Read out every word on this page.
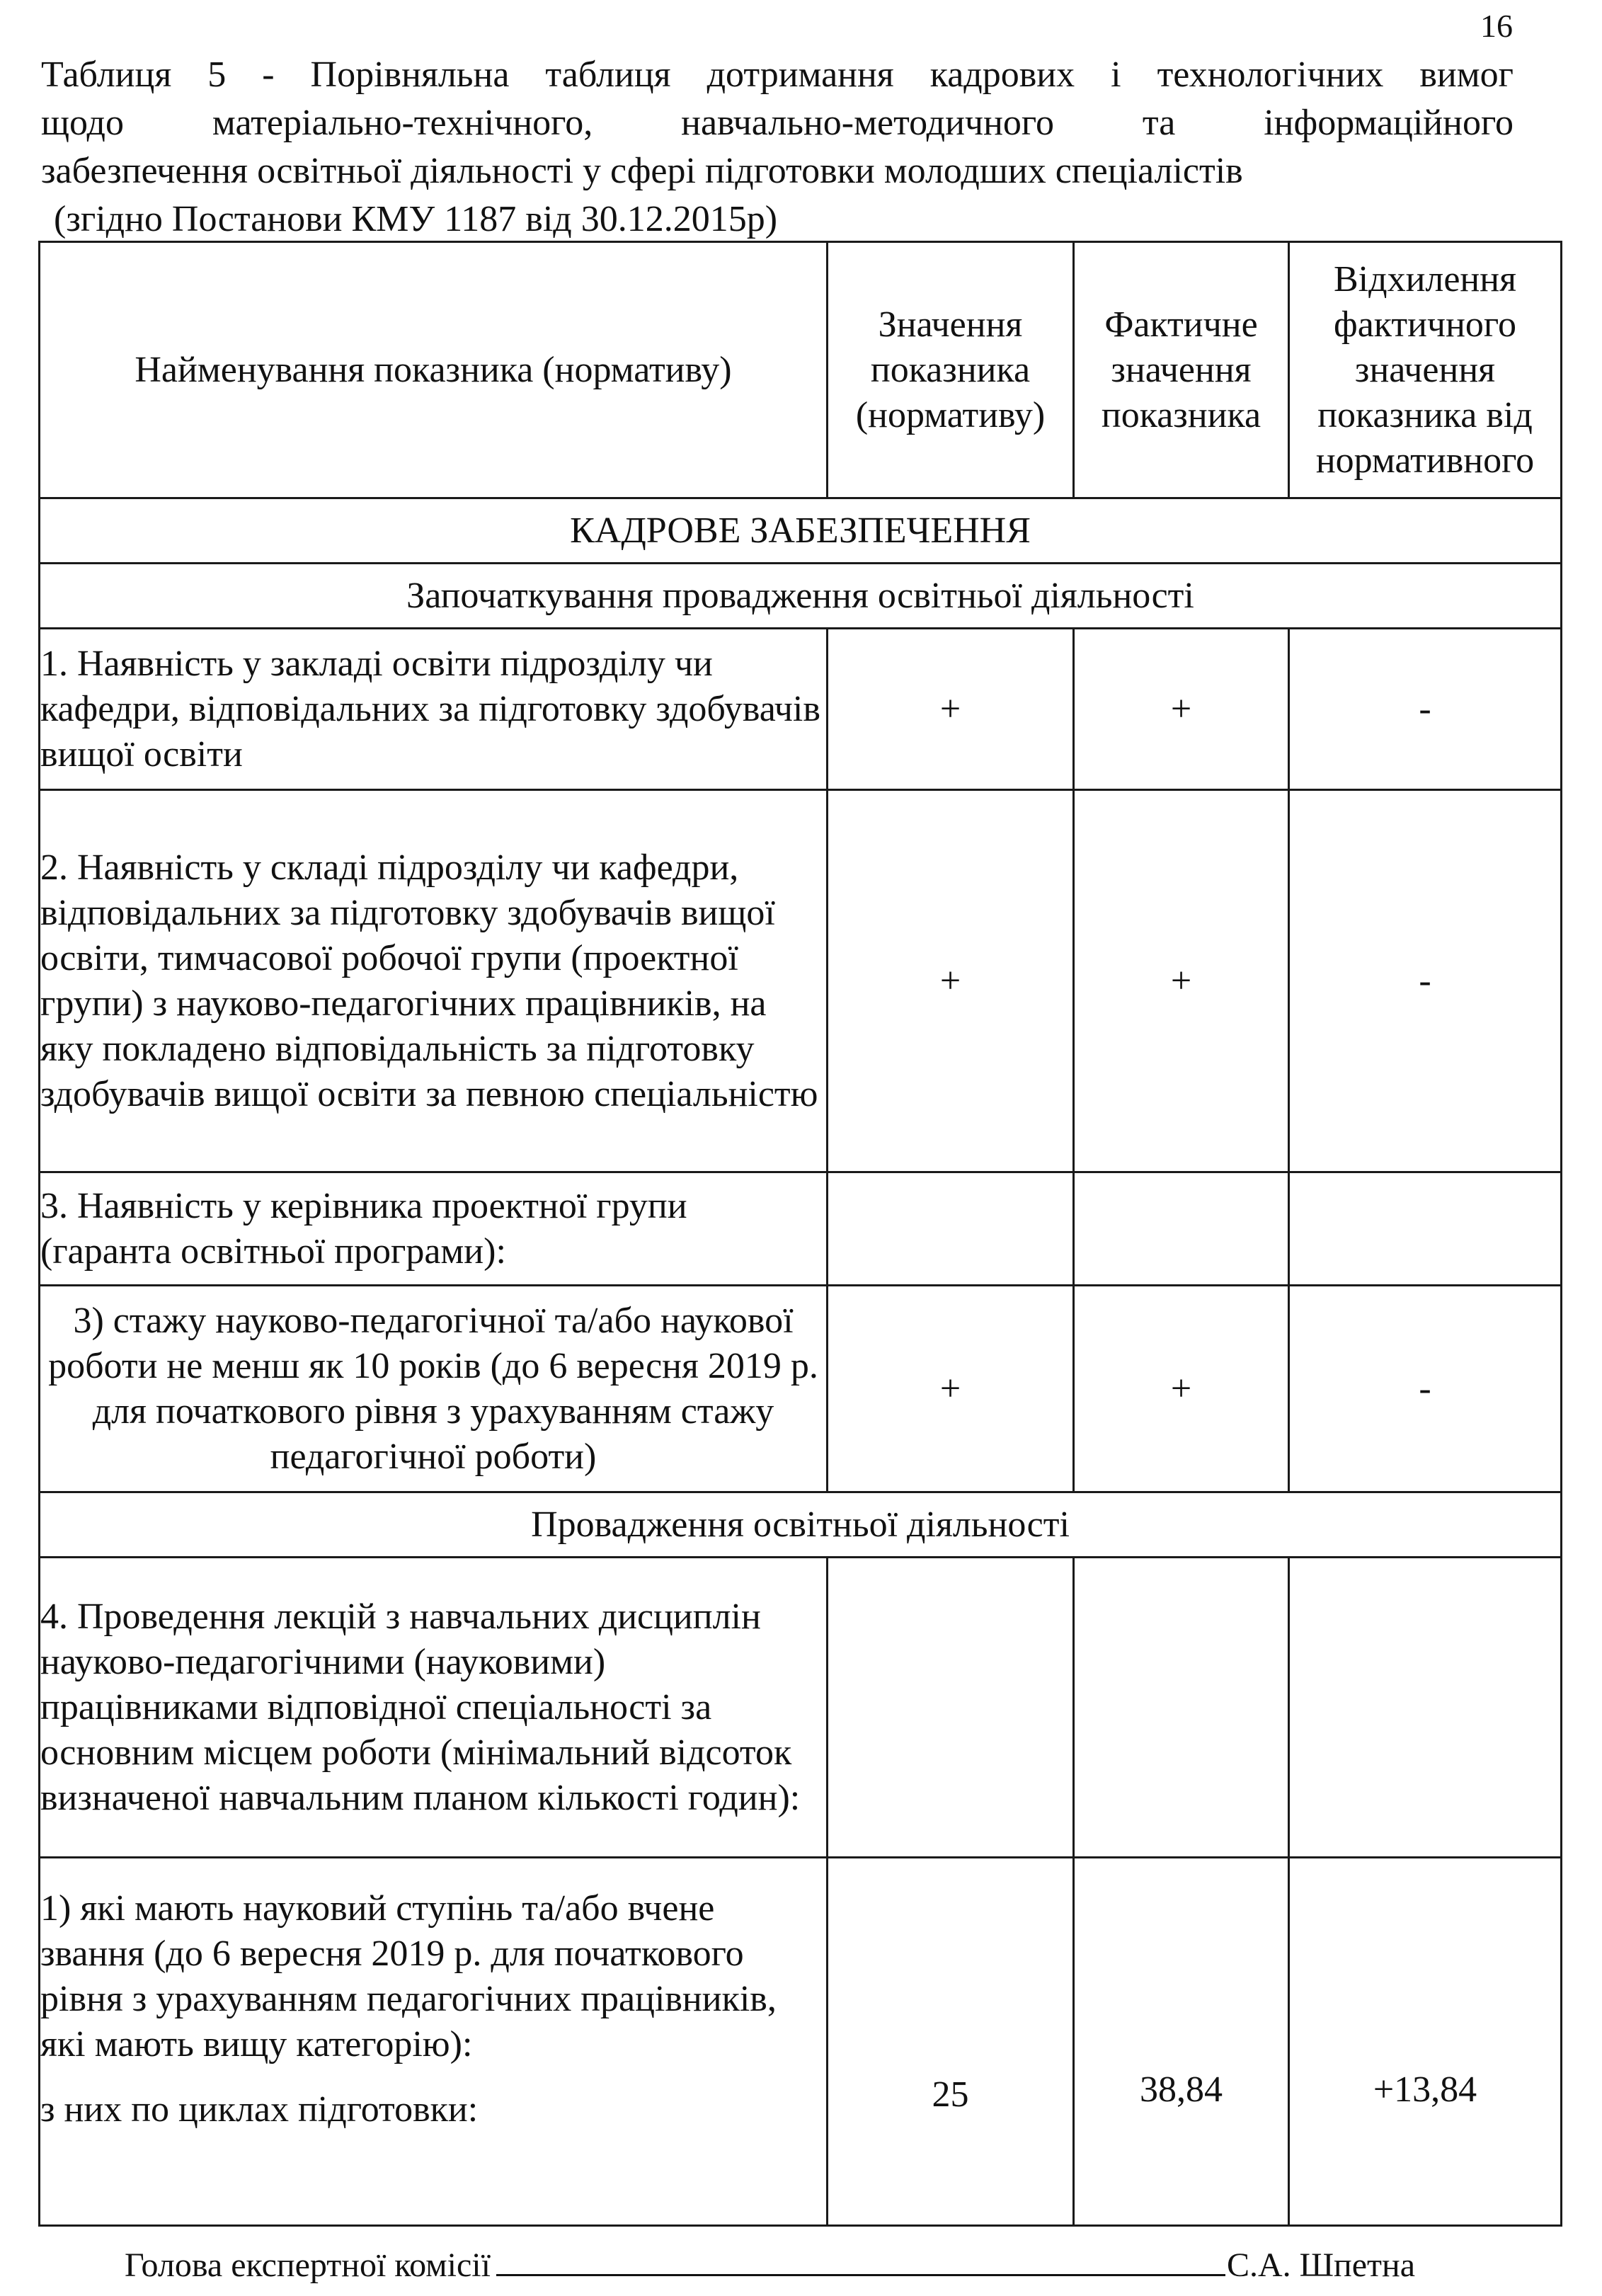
16
Таблиця 5 - Порівняльна таблиця дотримання кадрових і технологічних вимог
щодо матеріально-технічного, навчально-методичного та інформаційного
забезпечення освітньої діяльності у сфері підготовки молодших спеціалістів
(згідно Постанови КМУ 1187 від 30.12.2015р)
Найменування показника (нормативу)	Значення показника (нормативу)	Фактичне значення показника	Відхилення фактичного значення показника від нормативного
КАДРОВЕ ЗАБЕЗПЕЧЕННЯ			
Започаткування провадження освітньої діяльності			
1. Наявність у закладі освіти підрозділу чи кафедри, відповідальних за підготовку здобувачів вищої освіти	+	+	-
2. Наявність у складі підрозділу чи кафедри, відповідальних за підготовку здобувачів вищої освіти, тимчасової робочої групи (проектної групи) з науково-педагогічних працівників, на яку покладено відповідальність за підготовку здобувачів вищої освіти за певною спеціальністю	+	+	-
3. Наявність у керівника проектної групи (гаранта освітньої програми):			
3) стажу науково-педагогічної та/або наукової роботи не менш як 10 років (до 6 вересня 2019 р. для початкового рівня з урахуванням стажу педагогічної роботи)	+	+	-
Провадження освітньої діяльності			
4. Проведення лекцій з навчальних дисциплін науково-педагогічними (науковими) працівниками відповідної спеціальності за основним місцем роботи (мінімальний відсоток визначеної навчальним планом кількості годин):			
1) які мають науковий ступінь та/або вчене звання (до 6 вересня 2019 р. для початкового рівня з урахуванням педагогічних працівників, які мають вищу категорію):
з них по циклах підготовки:	25	38,84	+13,84
Голова експертної комісії	С.А. Шпетна
